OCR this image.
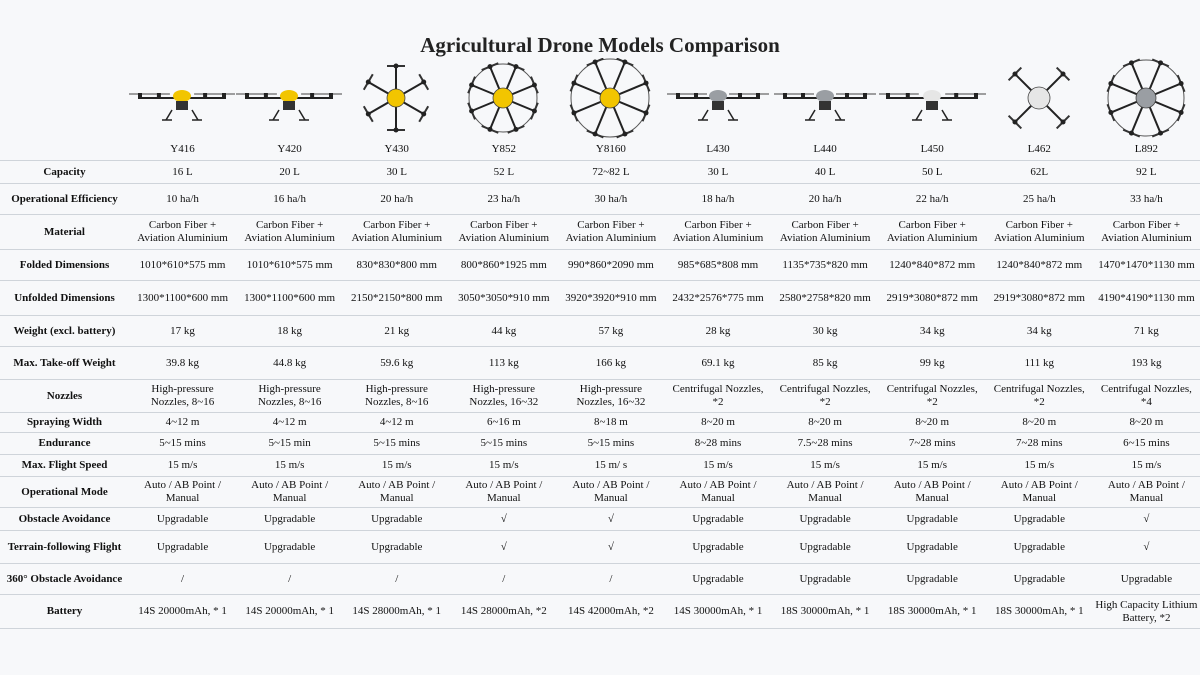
Agricultural Drone Models Comparison
Y416	Y420	Y430	Y852	Y8160	L430	L440	L450	L462	L892
Capacity	16 L	20 L	30 L	52 L	72~82 L	30 L	40 L	50 L	62L	92 L
Operational Efficiency	10 ha/h	16 ha/h	20 ha/h	23 ha/h	30 ha/h	18 ha/h	20 ha/h	22 ha/h	25 ha/h	33 ha/h
Material	Carbon Fiber + Aviation Aluminium	Carbon Fiber + Aviation Aluminium	Carbon Fiber + Aviation Aluminium	Carbon Fiber + Aviation Aluminium	Carbon Fiber + Aviation Aluminium	Carbon Fiber + Aviation Aluminium	Carbon Fiber + Aviation Aluminium	Carbon Fiber + Aviation Aluminium	Carbon Fiber + Aviation Aluminium	Carbon Fiber + Aviation Aluminium
Folded Dimensions	1010*610*575 mm	1010*610*575 mm	830*830*800 mm	800*860*1925 mm	990*860*2090 mm	985*685*808 mm	1135*735*820 mm	1240*840*872 mm	1240*840*872 mm	1470*1470*1130 mm
Unfolded Dimensions	1300*1100*600 mm	1300*1100*600 mm	2150*2150*800 mm	3050*3050*910 mm	3920*3920*910 mm	2432*2576*775 mm	2580*2758*820 mm	2919*3080*872 mm	2919*3080*872 mm	4190*4190*1130 mm
Weight (excl. battery)	17 kg	18 kg	21 kg	44 kg	57 kg	28 kg	30 kg	34 kg	34 kg	71 kg
Max. Take-off Weight	39.8 kg	44.8 kg	59.6 kg	113 kg	166 kg	69.1 kg	85 kg	99 kg	111 kg	193 kg
Nozzles	High-pressure Nozzles, 8~16	High-pressure Nozzles, 8~16	High-pressure Nozzles, 8~16	High-pressure Nozzles, 16~32	High-pressure Nozzles, 16~32	Centrifugal Nozzles, *2	Centrifugal Nozzles, *2	Centrifugal Nozzles, *2	Centrifugal Nozzles, *2	Centrifugal Nozzles, *4
Spraying Width	4~12 m	4~12 m	4~12 m	6~16 m	8~18 m	8~20 m	8~20 m	8~20 m	8~20 m	8~20 m
Endurance	5~15 mins	5~15 min	5~15 mins	5~15 mins	5~15 mins	8~28 mins	7.5~28 mins	7~28 mins	7~28 mins	6~15 mins
Max. Flight Speed	15 m/s	15 m/s	15 m/s	15 m/s	15 m/ s	15 m/s	15 m/s	15 m/s	15 m/s	15 m/s
Operational Mode	Auto / AB Point / Manual	Auto / AB Point / Manual	Auto / AB Point / Manual	Auto / AB Point / Manual	Auto / AB Point / Manual	Auto / AB Point / Manual	Auto / AB Point / Manual	Auto / AB Point / Manual	Auto / AB Point / Manual	Auto / AB Point / Manual
Obstacle Avoidance	Upgradable	Upgradable	Upgradable	√	√	Upgradable	Upgradable	Upgradable	Upgradable	√
Terrain-following Flight	Upgradable	Upgradable	Upgradable	√	√	Upgradable	Upgradable	Upgradable	Upgradable	√
360° Obstacle Avoidance	/	/	/	/	/	Upgradable	Upgradable	Upgradable	Upgradable	Upgradable
Battery	14S 20000mAh, * 1	14S 20000mAh, * 1	14S 28000mAh, * 1	14S 28000mAh, *2	14S 42000mAh, *2	14S 30000mAh, * 1	18S 30000mAh, * 1	18S 30000mAh, * 1	18S 30000mAh, * 1	High Capacity Lithium Battery, *2
